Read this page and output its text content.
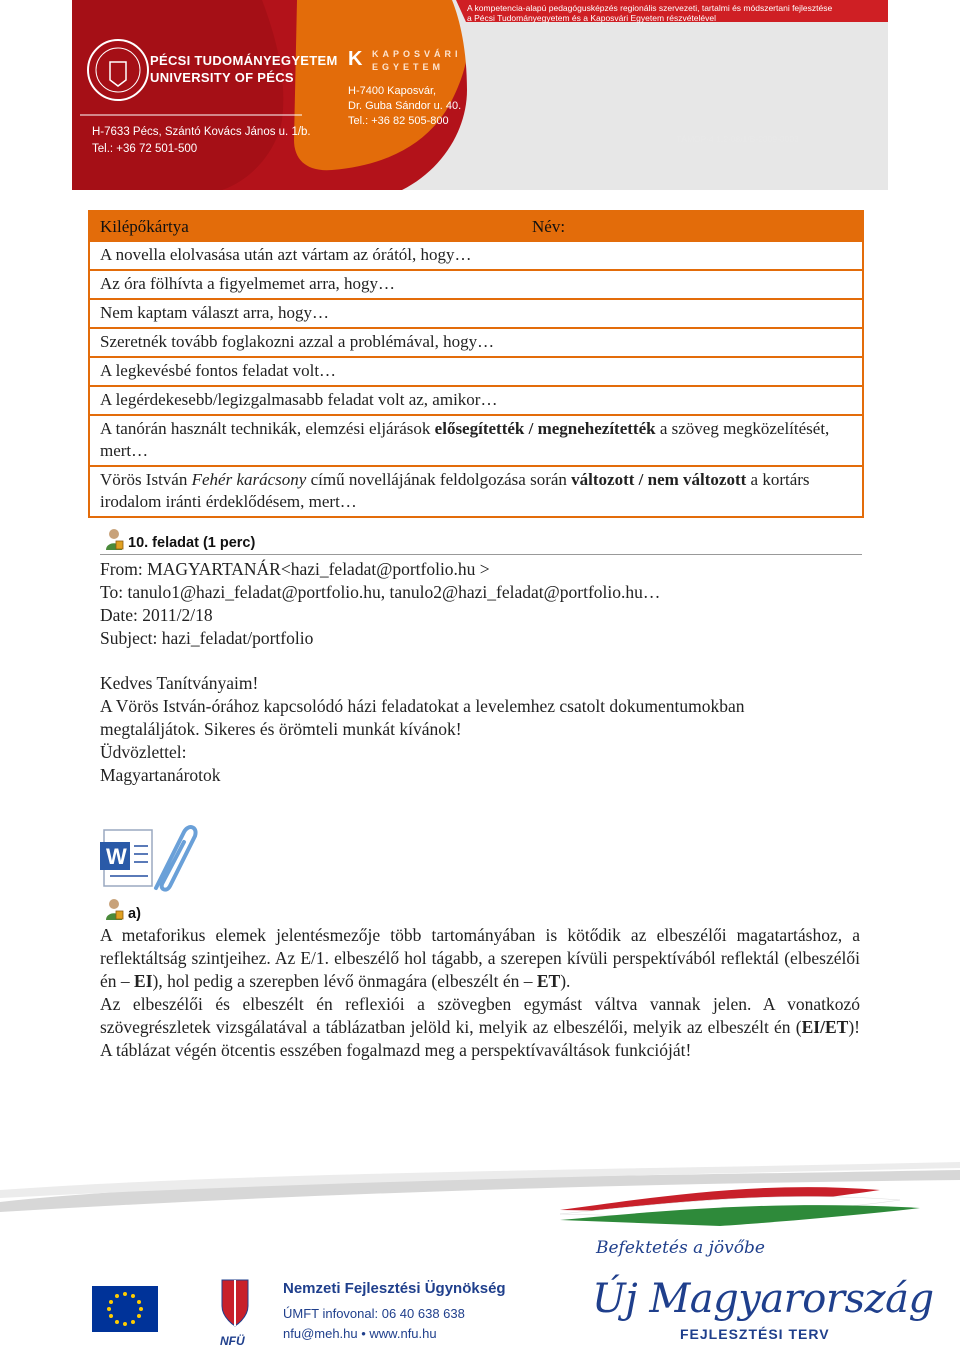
PÉCSI TUDOMÁNYEGYETEM
UNIVERSITY OF PÉCS
H-7633 Pécs, Szántó Kovács János u. 1/b.
Tel.: +36 72 501-500
K KAPOSVÁRI
EGYETEM
H-7400 Kaposvár,
Dr. Guba Sándor u. 40.
Tel.: +36 82 505-800
A kompetencia-alapú pedagógusképzés regionális szervezeti, tartalmi és módszertani fejlesztése
a Pécsi Tudományegyetem és a Kaposvári Egyetem részvételével
TÁMOP-4.1.2-08/1/B-2009-0003
Kilépőkártya	Név:

A novella elolvasása után azt vártam az órától, hogy…
Az óra fölhívta a figyelmemet arra, hogy…
Nem kaptam választ arra, hogy…
Szeretnék tovább foglakozni azzal a problémával, hogy…
A legkevésbé fontos feladat volt…
A legérdekesebb/legizgalmasabb feladat volt az, amikor…
A tanórán használt technikák, elemzési eljárások elősegítették / megnehezítették a szöveg megközelítését, mert…
Vörös István Fehér karácsony című novellájának feldolgozása során változott / nem változott a kortárs irodalom iránti érdeklődésem, mert…
10. feladat (1 perc)
From: MAGYARTANÁR<hazi_feladat@portfolio.hu >
To: tanulo1@hazi_feladat@portfolio.hu, tanulo2@hazi_feladat@portfolio.hu…
Date: 2011/2/18
Subject: hazi_feladat/portfolio
Kedves Tanítványaim!
A Vörös István-órához kapcsolódó házi feladatokat a levelemhez csatolt dokumentumokban
megtaláljátok. Sikeres és örömteli munkát kívánok!
Üdvözlettel:
Magyartanárotok
W
a)

A metaforikus elemek jelentésmezője több tartományában is kötődik az elbeszélői magatartáshoz, a reflektáltság szintjeihez. Az E/1. elbeszélő hol tágabb, a szerepen kívüli perspektívából reflektál (elbeszélői én – EI), hol pedig a szerepben lévő önmagára (elbeszélt én – ET).

Az elbeszélői és elbeszélt én reflexiói a szövegben egymást váltva vannak jelen. A vonatkozó szövegrészletek vizsgálatával a táblázatban jelöld ki, melyik az elbeszélői, melyik az elbeszélt én (EI/ET)! A táblázat végén ötcentis esszében fogalmazd meg a perspektívaváltások funkcióját!

Nemzeti Fejlesztési Ügynökség
ÚMFT infovonal: 06 40 638 638
nfu@meh.hu • www.nfu.hu
NFÜ
Befektetés a jövőbe
Új Magyarország
FEJLESZTÉSI TERV
